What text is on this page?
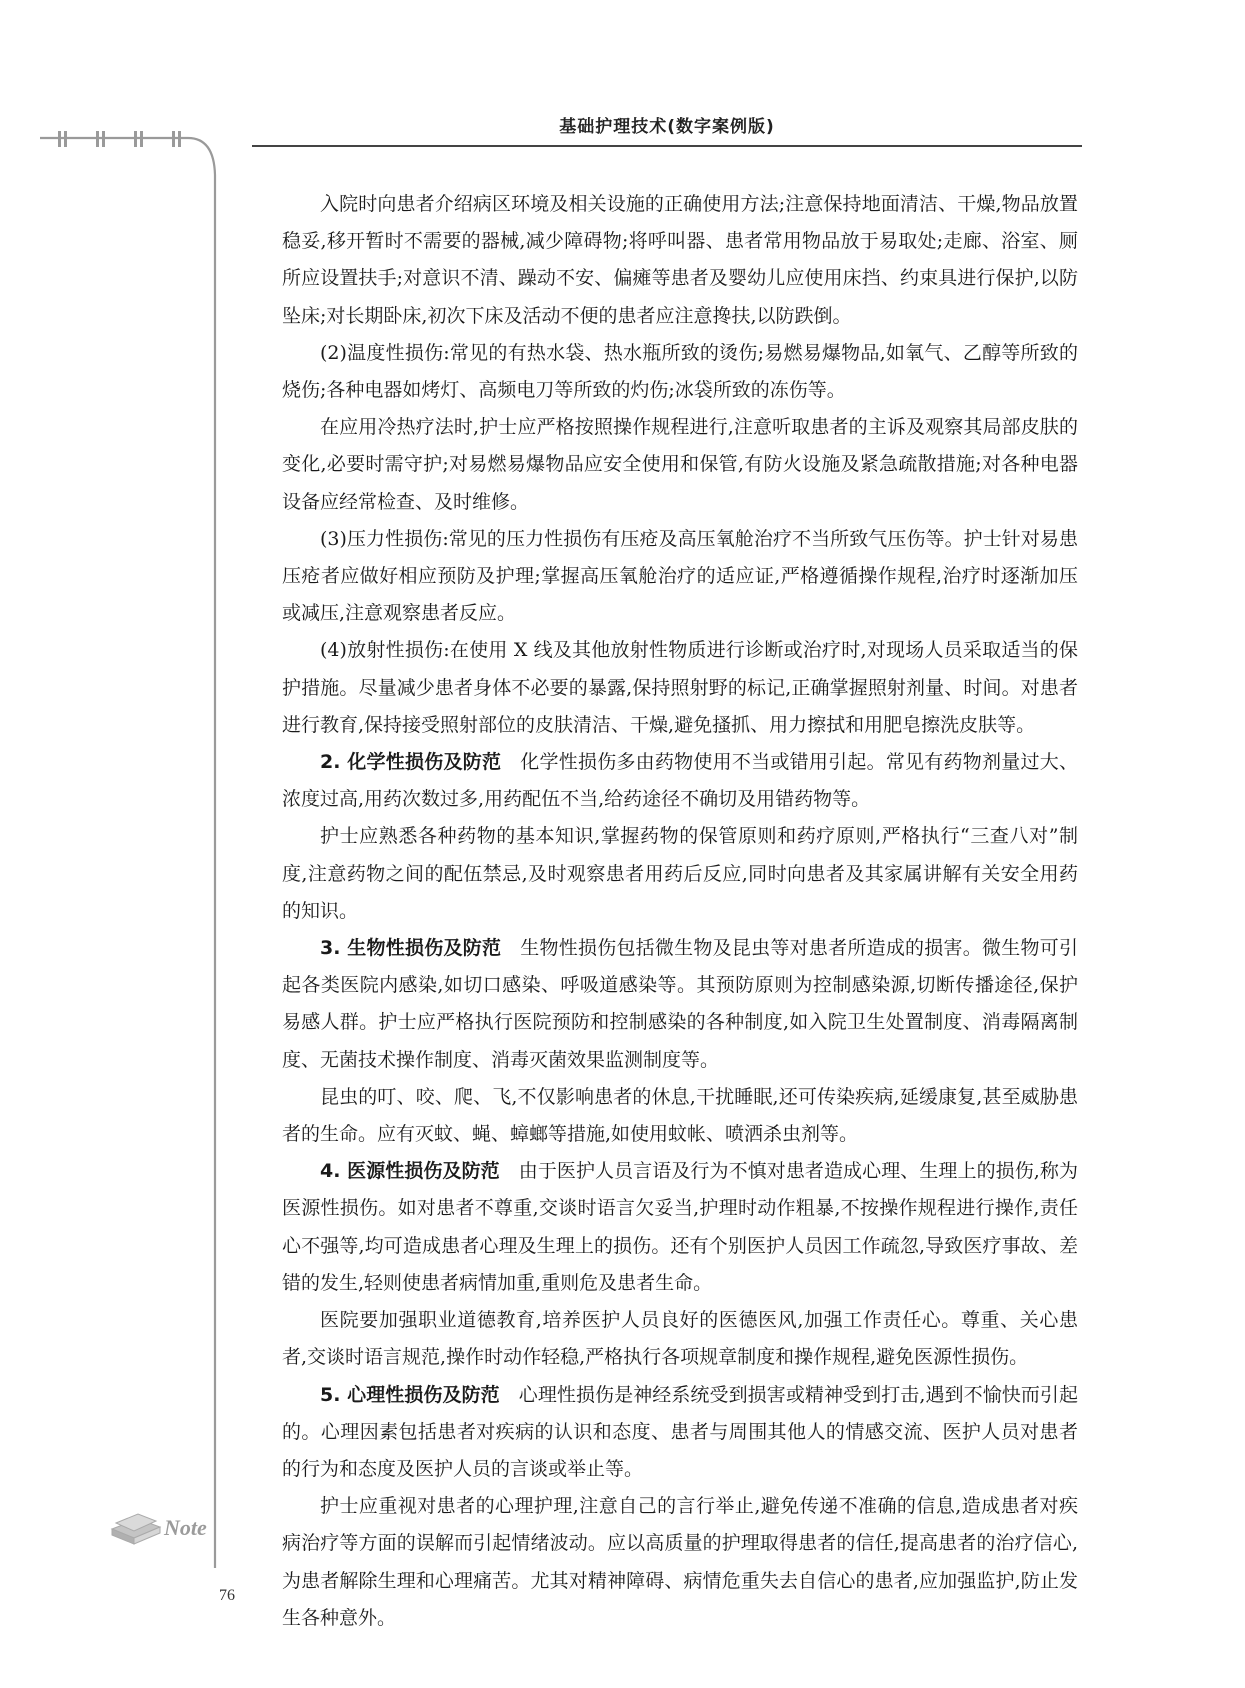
基础护理技术(数字案例版)

入院时向患者介绍病区环境及相关设施的正确使用方法;注意保持地面清洁、干燥,物品放置稳妥,移开暂时不需要的器械,减少障碍物;将呼叫器、患者常用物品放于易取处;走廊、浴室、厕所应设置扶手;对意识不清、躁动不安、偏瘫等患者及婴幼儿应使用床挡、约束具进行保护,以防坠床;对长期卧床,初次下床及活动不便的患者应注意搀扶,以防跌倒。

(2)温度性损伤:常见的有热水袋、热水瓶所致的烫伤;易燃易爆物品,如氧气、乙醇等所致的烧伤;各种电器如烤灯、高频电刀等所致的灼伤;冰袋所致的冻伤等。

在应用冷热疗法时,护士应严格按照操作规程进行,注意听取患者的主诉及观察其局部皮肤的变化,必要时需守护;对易燃易爆物品应安全使用和保管,有防火设施及紧急疏散措施;对各种电器设备应经常检查、及时维修。

(3)压力性损伤:常见的压力性损伤有压疮及高压氧舱治疗不当所致气压伤等。护士针对易患压疮者应做好相应预防及护理;掌握高压氧舱治疗的适应证,严格遵循操作规程,治疗时逐渐加压或减压,注意观察患者反应。

(4)放射性损伤:在使用 X 线及其他放射性物质进行诊断或治疗时,对现场人员采取适当的保护措施。尽量减少患者身体不必要的暴露,保持照射野的标记,正确掌握照射剂量、时间。对患者进行教育,保持接受照射部位的皮肤清洁、干燥,避免搔抓、用力擦拭和用肥皂擦洗皮肤等。

2. 化学性损伤及防范 化学性损伤多由药物使用不当或错用引起。常见有药物剂量过大、浓度过高,用药次数过多,用药配伍不当,给药途径不确切及用错药物等。

护士应熟悉各种药物的基本知识,掌握药物的保管原则和药疗原则,严格执行“三查八对”制度,注意药物之间的配伍禁忌,及时观察患者用药后反应,同时向患者及其家属讲解有关安全用药的知识。

3. 生物性损伤及防范 生物性损伤包括微生物及昆虫等对患者所造成的损害。微生物可引起各类医院内感染,如切口感染、呼吸道感染等。其预防原则为控制感染源,切断传播途径,保护易感人群。护士应严格执行医院预防和控制感染的各种制度,如入院卫生处置制度、消毒隔离制度、无菌技术操作制度、消毒灭菌效果监测制度等。

昆虫的叮、咬、爬、飞,不仅影响患者的休息,干扰睡眠,还可传染疾病,延缓康复,甚至威胁患者的生命。应有灭蚊、蝇、蟑螂等措施,如使用蚊帐、喷洒杀虫剂等。

4. 医源性损伤及防范 由于医护人员言语及行为不慎对患者造成心理、生理上的损伤,称为医源性损伤。如对患者不尊重,交谈时语言欠妥当,护理时动作粗暴,不按操作规程进行操作,责任心不强等,均可造成患者心理及生理上的损伤。还有个别医护人员因工作疏忽,导致医疗事故、差错的发生,轻则使患者病情加重,重则危及患者生命。

医院要加强职业道德教育,培养医护人员良好的医德医风,加强工作责任心。尊重、关心患者,交谈时语言规范,操作时动作轻稳,严格执行各项规章制度和操作规程,避免医源性损伤。

5. 心理性损伤及防范 心理性损伤是神经系统受到损害或精神受到打击,遇到不愉快而引起的。心理因素包括患者对疾病的认识和态度、患者与周围其他人的情感交流、医护人员对患者的行为和态度及医护人员的言谈或举止等。

护士应重视对患者的心理护理,注意自己的言行举止,避免传递不准确的信息,造成患者对疾病治疗等方面的误解而引起情绪波动。应以高质量的护理取得患者的信任,提高患者的治疗信心,为患者解除生理和心理痛苦。尤其对精神障碍、病情危重失去自信心的患者,应加强监护,防止发生各种意外。

Note
76
